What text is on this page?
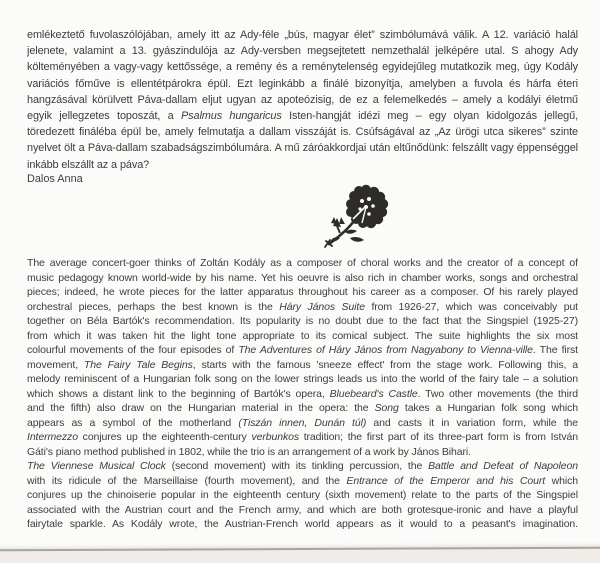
emlékeztető fuvolaszólójában, amely itt az Ady-féle „bús, magyar élet” szimbólumává válik. A 12. variáció halál
jelenete, valamint a 13. gyászindulója az Ady-versben megsejtetett nemzethalál jelképére utal. S ahogy Ady
költeményében a vagy-vagy kettőssége, a remény és a reménytelenség egyidejűleg mutatkozik meg, úgy Kodály
variációs főműve is ellentétpárokra épül. Ezt leginkább a finálé bizonyítja, amelyben a fuvola és hárfa éteri
hangzásával körülvett Páva-dallam eljut ugyan az apoteózisig, de ez a felemelkedés – amely a kodályi életmű
egyik jellegzetes toposzát, a Psalmus hungaricus Isten-hangját idézi meg – egy olyan kidolgozás jellegű,
töredezett fináléba épül be, amely felmutatja a dallam visszáját is. Csúfságával az „Az ürögi utca sikeres” szinte
nyelvet ölt a Páva-dallam szabadságszimbólumára. A mű záróakkordjai után eltűnődünk: felszállt vagy éppenséggel
inkább elszállt az a páva?
Dalos Anna
The average concert-goer thinks of Zoltán Kodály as a composer of choral works and the creator of a concept of
music pedagogy known world-wide by his name. Yet his oeuvre is also rich in chamber works, songs and orchestral
pieces; indeed, he wrote pieces for the latter apparatus throughout his career as a composer. Of his rarely played
orchestral pieces, perhaps the best known is the Háry János Suite from 1926-27, which was conceivably put
together on Béla Bartók's recommendation. Its popularity is no doubt due to the fact that the Singspiel (1925-27)
from which it was taken hit the light tone appropriate to its comical subject. The suite highlights the six most
colourful movements of the four episodes of The Adventures of Háry János from Nagyabony to Vienna-ville. The first
movement, The Fairy Tale Begins, starts with the famous 'sneeze effect' from the stage work. Following this, a
melody reminiscent of a Hungarian folk song on the lower strings leads us into the world of the fairy tale – a solution
which shows a distant link to the beginning of Bartók's opera, Bluebeard's Castle. Two other movements (the third
and the fifth) also draw on the Hungarian material in the opera: the Song takes a Hungarian folk song which
appears as a symbol of the motherland (Tiszán innen, Dunán túl) and casts it in variation form, while the
Intermezzo conjures up the eighteenth-century verbunkos tradition; the first part of its three-part form is from István
Gáti's piano method published in 1802, while the trio is an arrangement of a work by János Bihari.
The Viennese Musical Clock (second movement) with its tinkling percussion, the Battle and Defeat of Napoleon
with its ridicule of the Marseillaise (fourth movement), and the Entrance of the Emperor and his Court which
conjures up the chinoiserie popular in the eighteenth century (sixth movement) relate to the parts of the Singspiel
associated with the Austrian court and the French army, and which are both grotesque-ironic and have a playful
fairytale sparkle. As Kodály wrote, the Austrian-French world appears as it would to a peasant's imagination.
